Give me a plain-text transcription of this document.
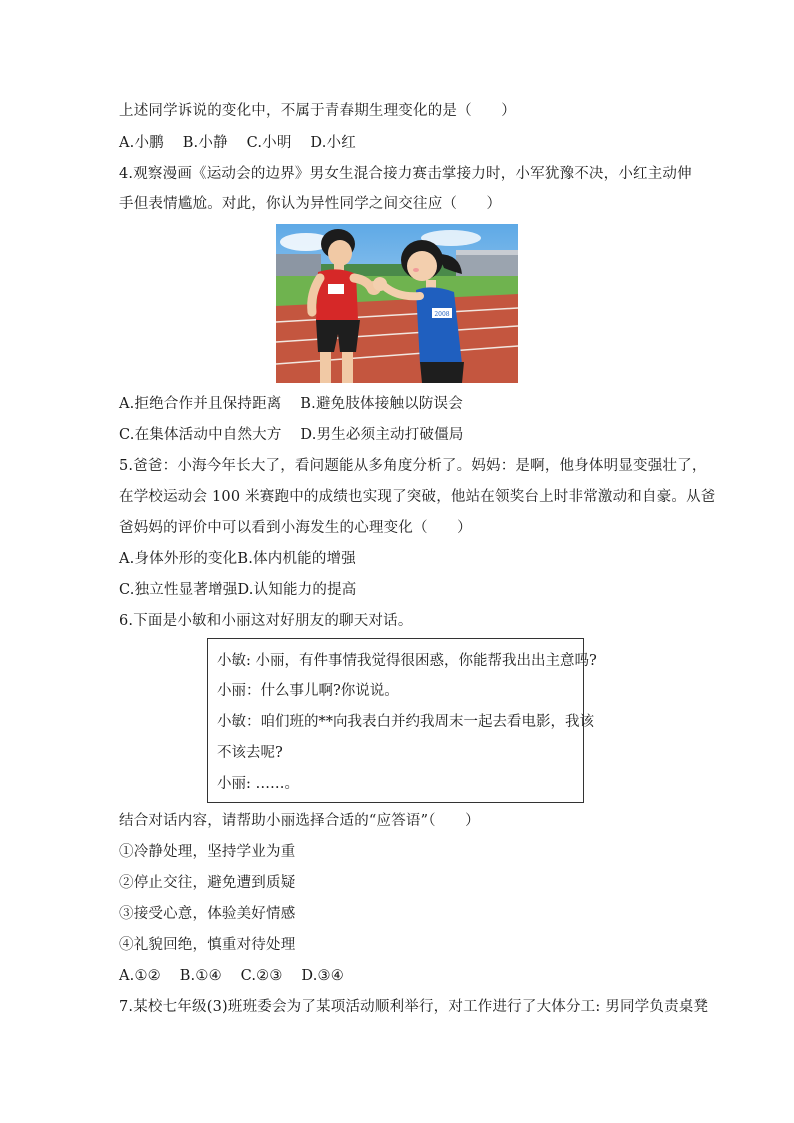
上述同学诉说的变化中，不属于青春期生理变化的是（　　）
A.小鹏 B.小静 C.小明 D.小红
4.观察漫画《运动会的边界》男女生混合接力赛击掌接力时，小军犹豫不决，小红主动伸
手但表情尴尬。对此，你认为异性同学之间交往应（　　）
2008
A.拒绝合作并且保持距离 B.避免肢体接触以防误会
C.在集体活动中自然大方 D.男生必须主动打破僵局
5.爸爸：小海今年长大了，看问题能从多角度分析了。妈妈：是啊，他身体明显变强壮了，
在学校运动会 100 米赛跑中的成绩也实现了突破，他站在领奖台上时非常激动和自豪。从爸
爸妈妈的评价中可以看到小海发生的心理变化（　　）
A.身体外形的变化B.体内机能的增强
C.独立性显著增强D.认知能力的提高
6.下面是小敏和小丽这对好朋友的聊天对话。
小敏: 小丽，有件事情我觉得很困惑，你能帮我出出主意吗?
小丽：什么事儿啊?你说说。
小敏：咱们班的**向我表白并约我周末一起去看电影，我该
不该去呢?
小丽: ……。
结合对话内容，请帮助小丽选择合适的“应答语”（　　）
①冷静处理，坚持学业为重
②停止交往，避免遭到质疑
③接受心意，体验美好情感
④礼貌回绝，慎重对待处理
A.①② B.①④ C.②③ D.③④
7.某校七年级(3)班班委会为了某项活动顺利举行，对工作进行了大体分工: 男同学负责桌凳
